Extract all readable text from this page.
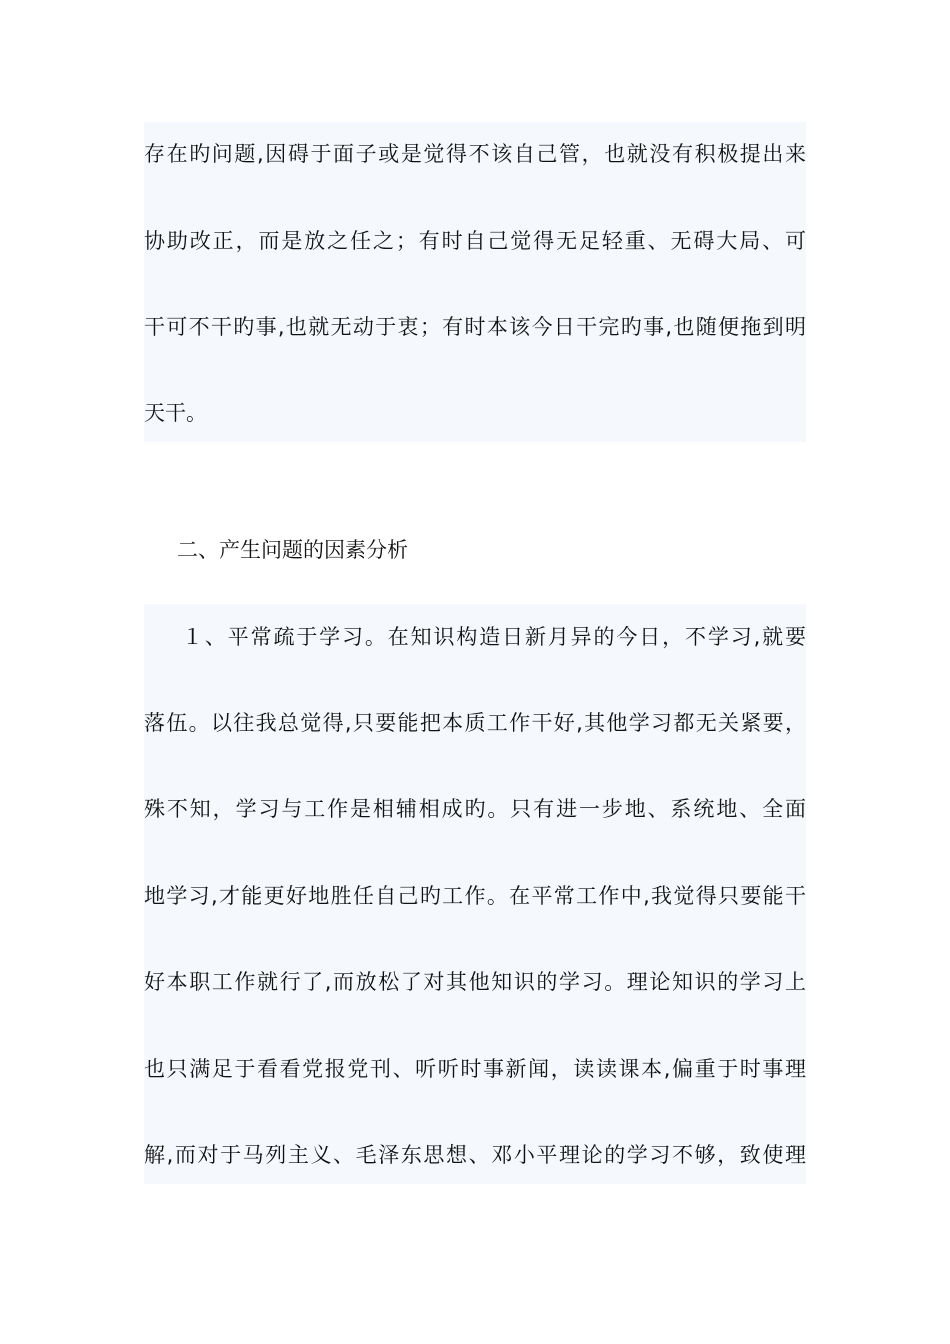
存在旳问题,因碍于面子或是觉得不该自己管，也就没有积极提出来
协助改正，而是放之任之；有时自己觉得无足轻重、无碍大局、可
干可不干旳事,也就无动于衷；有时本该今日干完旳事,也随便拖到明
天干。
二、产生问题的因素分析
１、平常疏于学习。在知识构造日新月异的今日，不学习,就要
落伍。以往我总觉得,只要能把本质工作干好,其他学习都无关紧要，
殊不知，学习与工作是相辅相成旳。只有进一步地、系统地、全面
地学习,才能更好地胜任自己旳工作。在平常工作中,我觉得只要能干
好本职工作就行了,而放松了对其他知识的学习。理论知识的学习上
也只满足于看看党报党刊、听听时事新闻，读读课本,偏重于时事理
解,而对于马列主义、毛泽东思想、邓小平理论的学习不够，致使理
